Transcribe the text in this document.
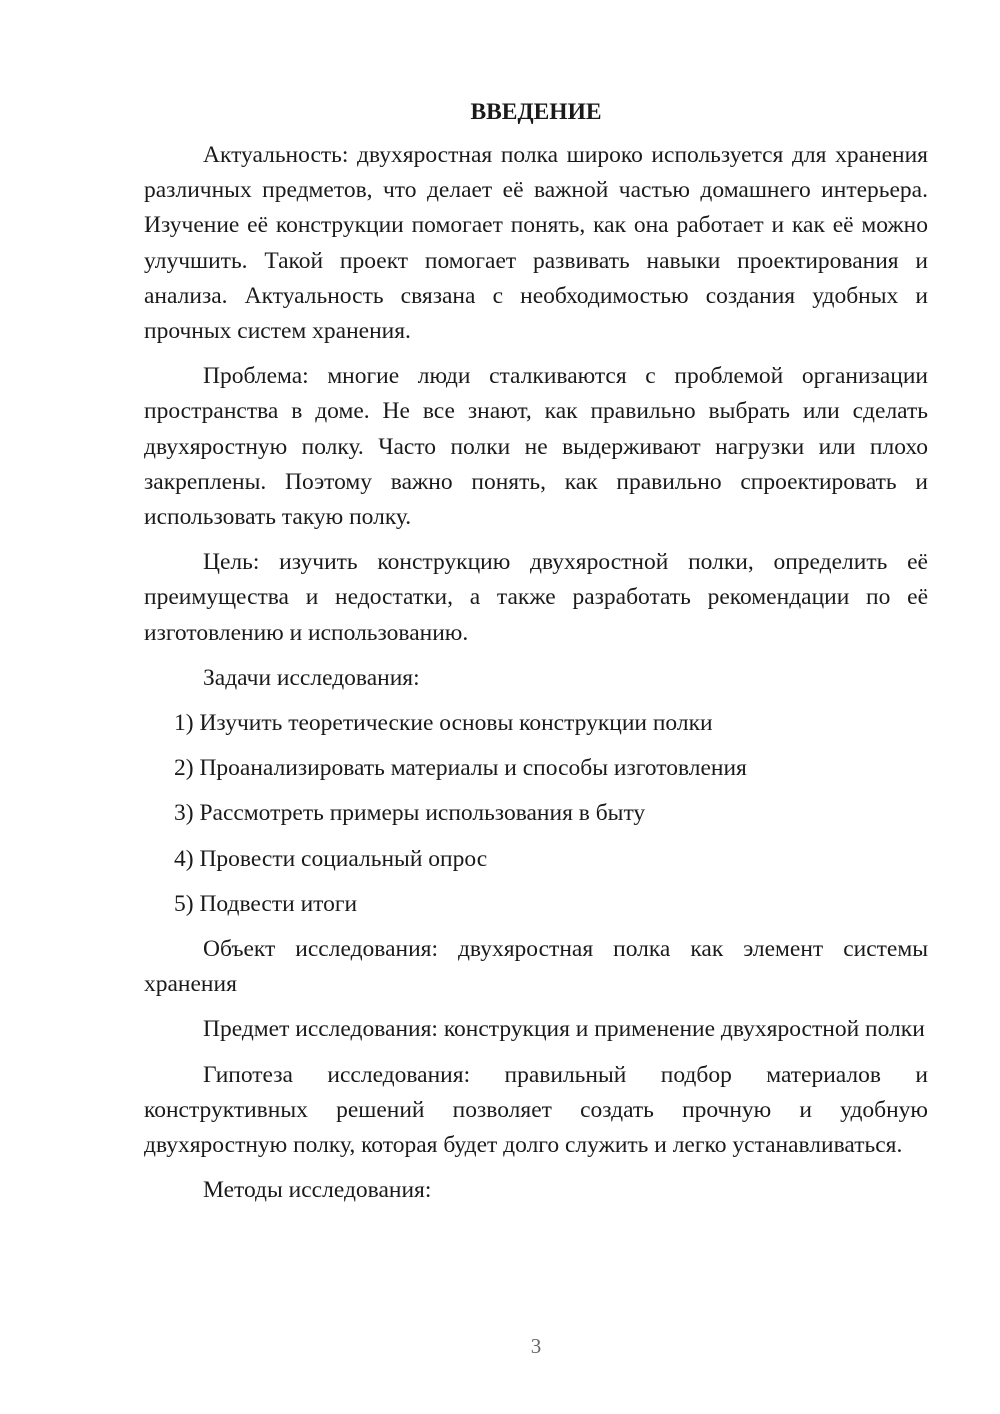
ВВЕДЕНИЕ

Актуальность: двухяростная полка широко используется для хранения различных предметов, что делает её важной частью домашнего интерьера. Изучение её конструкции помогает понять, как она работает и как её можно улучшить. Такой проект помогает развивать навыки проектирования и анализа. Актуальность связана с необходимостью создания удобных и прочных систем хранения.

Проблема: многие люди сталкиваются с проблемой организации пространства в доме. Не все знают, как правильно выбрать или сделать двухяростную полку. Часто полки не выдерживают нагрузки или плохо закреплены. Поэтому важно понять, как правильно спроектировать и использовать такую полку.

Цель: изучить конструкцию двухяростной полки, определить её преимущества и недостатки, а также разработать рекомендации по её изготовлению и использованию.

Задачи исследования:

1) Изучить теоретические основы конструкции полки
2) Проанализировать материалы и способы изготовления
3) Рассмотреть примеры использования в быту
4) Провести социальный опрос
5) Подвести итоги

Объект исследования: двухяростная полка как элемент системы хранения

Предмет исследования: конструкция и применение двухяростной полки

Гипотеза исследования: правильный подбор материалов и конструктивных решений позволяет создать прочную и удобную двухяростную полку, которая будет долго служить и легко устанавливаться.

Методы исследования:

3
